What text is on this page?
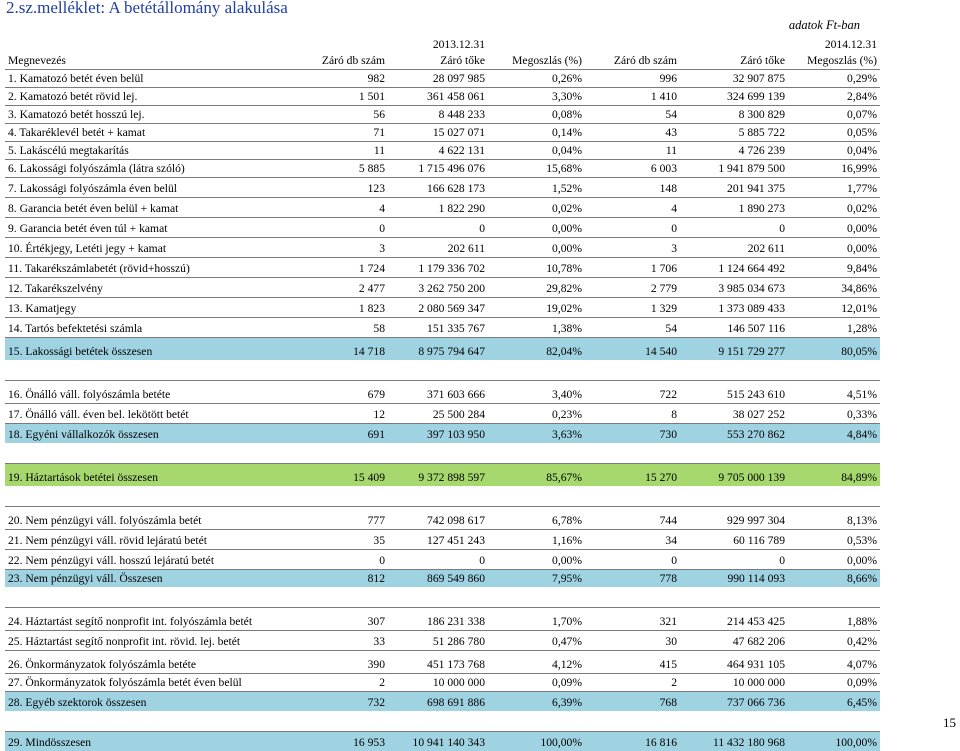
2.sz.melléklet: A betétállomány alakulása
adatok Ft-ban
		2013.12.31				2014.12.31
Megnevezés	Záró db szám	Záró tőke	Megoszlás (%)	Záró db szám	Záró tőke	Megoszlás (%)
1. Kamatozó betét éven belül	982	28 097 985	0,26%	996	32 907 875	0,29%
2. Kamatozó betét rövid lej.	1 501	361 458 061	3,30%	1 410	324 699 139	2,84%
3. Kamatozó betét hosszú lej.	56	8 448 233	0,08%	54	8 300 829	0,07%
4. Takaréklevél betét + kamat	71	15 027 071	0,14%	43	5 885 722	0,05%
5. Lakáscélú megtakarítás	11	4 622 131	0,04%	11	4 726 239	0,04%
6. Lakossági folyószámla (látra szóló)	5 885	1 715 496 076	15,68%	6 003	1 941 879 500	16,99%
7. Lakossági folyószámla éven belül	123	166 628 173	1,52%	148	201 941 375	1,77%
8. Garancia betét éven belül + kamat	4	1 822 290	0,02%	4	1 890 273	0,02%
9. Garancia betét éven túl + kamat	0	0	0,00%	0	0	0,00%
10. Értékjegy, Letéti jegy + kamat	3	202 611	0,00%	3	202 611	0,00%
11. Takarékszámlabetét (rövid+hosszú)	1 724	1 179 336 702	10,78%	1 706	1 124 664 492	9,84%
12. Takarékszelvény	2 477	3 262 750 200	29,82%	2 779	3 985 034 673	34,86%
13. Kamatjegy	1 823	2 080 569 347	19,02%	1 329	1 373 089 433	12,01%
14. Tartós befektetési számla	58	151 335 767	1,38%	54	146 507 116	1,28%
15. Lakossági betétek összesen	14 718	8 975 794 647	82,04%	14 540	9 151 729 277	80,05%

16. Önálló váll. folyószámla betéte	679	371 603 666	3,40%	722	515 243 610	4,51%
17. Önálló váll. éven bel. lekötött betét	12	25 500 284	0,23%	8	38 027 252	0,33%
18. Egyéni vállalkozók összesen	691	397 103 950	3,63%	730	553 270 862	4,84%

19. Háztartások betétei összesen	15 409	9 372 898 597	85,67%	15 270	9 705 000 139	84,89%

20. Nem pénzügyi váll. folyószámla betét	777	742 098 617	6,78%	744	929 997 304	8,13%
21. Nem pénzügyi váll. rövid lejáratú betét	35	127 451 243	1,16%	34	60 116 789	0,53%
22. Nem pénzügyi váll. hosszú lejáratú betét	0	0	0,00%	0	0	0,00%
23. Nem pénzügyi váll. Összesen	812	869 549 860	7,95%	778	990 114 093	8,66%

24. Háztartást segítő nonprofit int. folyószámla betét	307	186 231 338	1,70%	321	214 453 425	1,88%
25. Háztartást segítő nonprofit int. rövid. lej. betét	33	51 286 780	0,47%	30	47 682 206	0,42%
26. Önkormányzatok folyószámla betéte	390	451 173 768	4,12%	415	464 931 105	4,07%
27. Önkormányzatok folyószámla betét éven belül	2	10 000 000	0,09%	2	10 000 000	0,09%
28. Egyéb szektorok összesen	732	698 691 886	6,39%	768	737 066 736	6,45%

29. Mindösszesen	16 953	10 941 140 343	100,00%	16 816	11 432 180 968	100,00%
15
